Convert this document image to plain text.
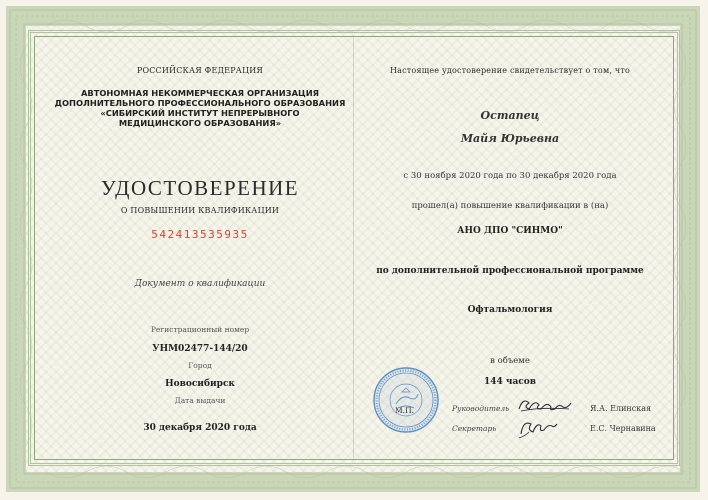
РОССИЙСКАЯ ФЕДЕРАЦИЯ
АВТОНОМНАЯ НЕКОММЕРЧЕСКАЯ ОРГАНИЗАЦИЯ
ДОПОЛНИТЕЛЬНОГО ПРОФЕССИОНАЛЬНОГО ОБРАЗОВАНИЯ
«СИБИРСКИЙ ИНСТИТУТ НЕПРЕРЫВНОГО
МЕДИЦИНСКОГО ОБРАЗОВАНИЯ»
УДОСТОВЕРЕНИЕ
О ПОВЫШЕНИИ КВАЛИФИКАЦИИ
542413535935
Документ о квалификации
Регистрационный номер
УНМ02477-144/20
Город
Новосибирск
Дата выдачи
30 декабря 2020 года
Настоящее удостоверение свидетельствует о том, что
Остапец
Майя Юрьевна
с 30 ноября 2020 года по 30 декабря 2020 года
прошел(а) повышение квалификации в (на)
АНО ДПО "СИНМО"
по дополнительной профессиональной программе
Офтальмология
в объеме
144 часов
М.П.	Руководитель	Я.А. Елинская
Секретарь	Е.С. Чернавина
